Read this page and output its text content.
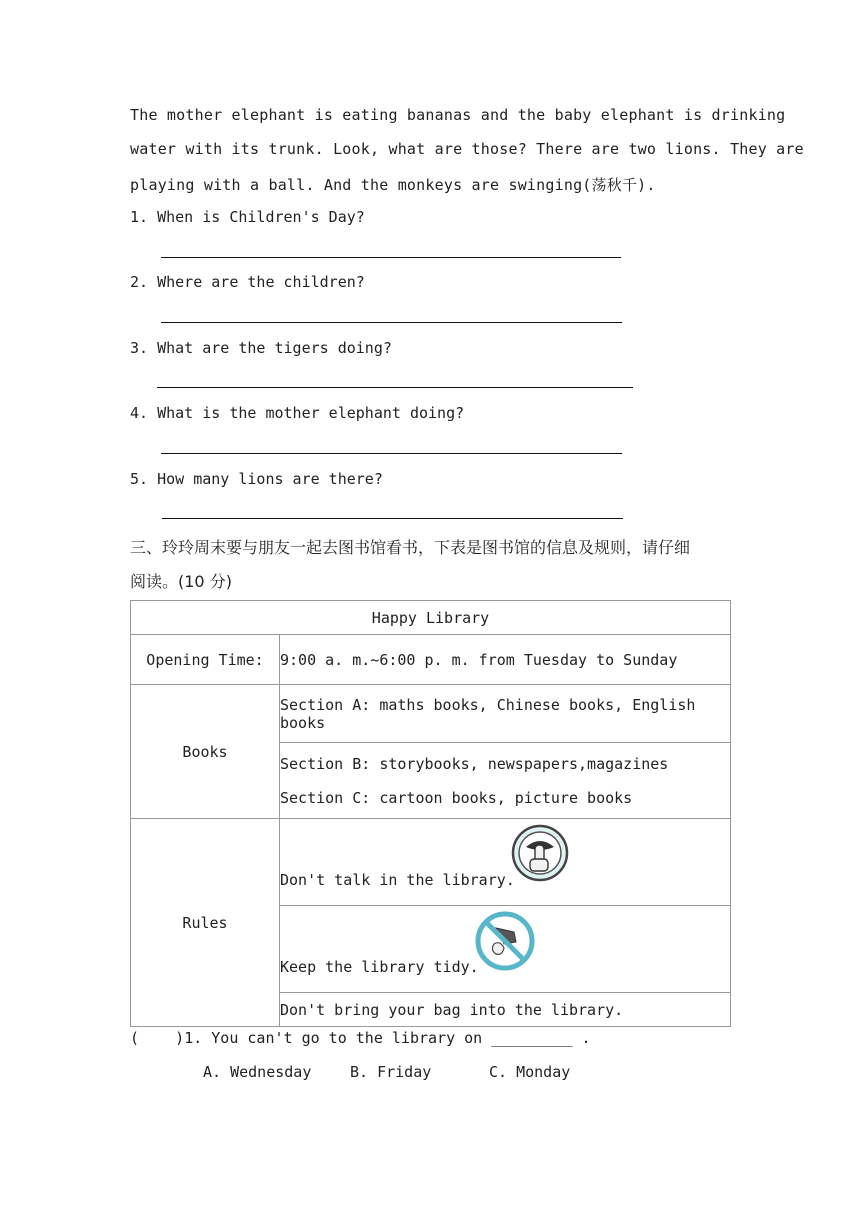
The mother elephant is eating bananas and the baby elephant is drinking
water with its trunk. Look, what are those? There are two lions. They are
playing with a ball. And the monkeys are swinging(荡秋千).
1. When is Children's Day?
2. Where are the children?
3. What are the tigers doing?
4. What is the mother elephant doing?
5. How many lions are there?
三、玲玲周末要与朋友一起去图书馆看书，下表是图书馆的信息及规则，请仔细
阅读。(10 分)
Happy Library	
Opening Time:	9:00 a. m.~6:00 p. m. from Tuesday to Sunday
Books	Section A: maths books, Chinese books, English books

	Section B: storybooks, newspapers,magazines
Section C: cartoon books, picture books

Rules	Don't talk in the library.

	Keep the library tidy.

	Don't bring your bag into the library.
(    )1. You can't go to the library on _________ .
A. Wednesday	B. Friday	C. Monday
